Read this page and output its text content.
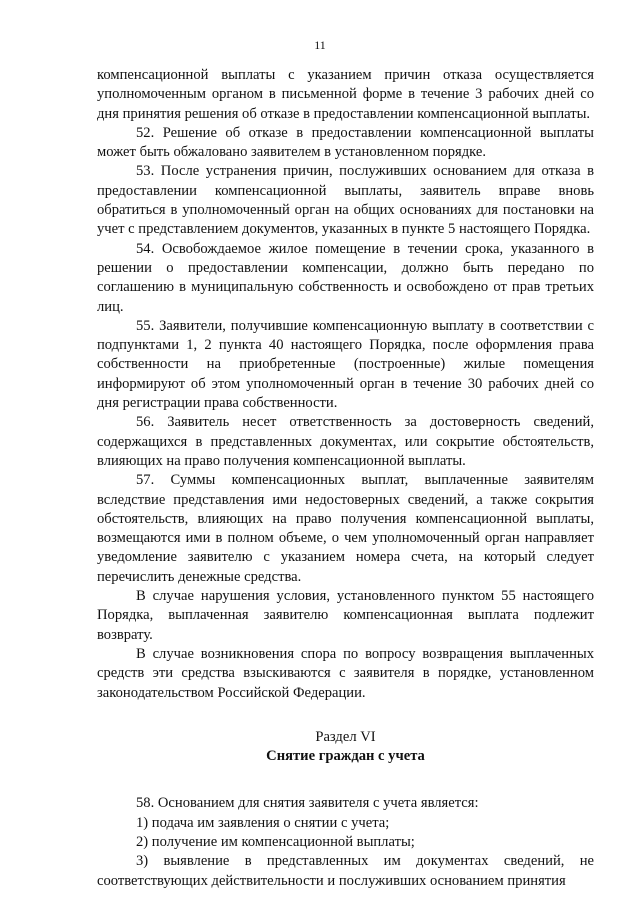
11

компенсационной выплаты с указанием причин отказа осуществляется уполномоченным органом в письменной форме в течение 3 рабочих дней со дня принятия решения об отказе в предоставлении компенсационной выплаты.

52. Решение об отказе в предоставлении компенсационной выплаты может быть обжаловано заявителем в установленном порядке.

53. После устранения причин, послуживших основанием для отказа в предоставлении компенсационной выплаты, заявитель вправе вновь обратиться в уполномоченный орган на общих основаниях для постановки на учет с представлением документов, указанных в пункте 5 настоящего Порядка.

54. Освобождаемое жилое помещение в течении срока, указанного в решении о предоставлении компенсации, должно быть передано по соглашению в муниципальную собственность и освобождено от прав третьих лиц.

55. Заявители, получившие компенсационную выплату в соответствии с подпунктами 1, 2 пункта 40 настоящего Порядка, после оформления права собственности на приобретенные (построенные) жилые помещения информируют об этом уполномоченный орган в течение 30 рабочих дней со дня регистрации права собственности.

56. Заявитель несет ответственность за достоверность сведений, содержащихся в представленных документах, или сокрытие обстоятельств, влияющих на право получения компенсационной выплаты.

57. Суммы компенсационных выплат, выплаченные заявителям вследствие представления ими недостоверных сведений, а также сокрытия обстоятельств, влияющих на право получения компенсационной выплаты, возмещаются ими в полном объеме, о чем уполномоченный орган направляет уведомление заявителю с указанием номера счета, на который следует перечислить денежные средства.

В случае нарушения условия, установленного пунктом 55 настоящего Порядка, выплаченная заявителю компенсационная выплата подлежит возврату.

В случае возникновения спора по вопросу возвращения выплаченных средств эти средства взыскиваются с заявителя в порядке, установленном законодательством Российской Федерации.

Раздел VI

Снятие граждан с учета

58. Основанием для снятия заявителя с учета является:

1) подача им заявления о снятии с учета;

2) получение им компенсационной выплаты;

3) выявление в представленных им документах сведений, не соответствующих действительности и послуживших основанием принятия
